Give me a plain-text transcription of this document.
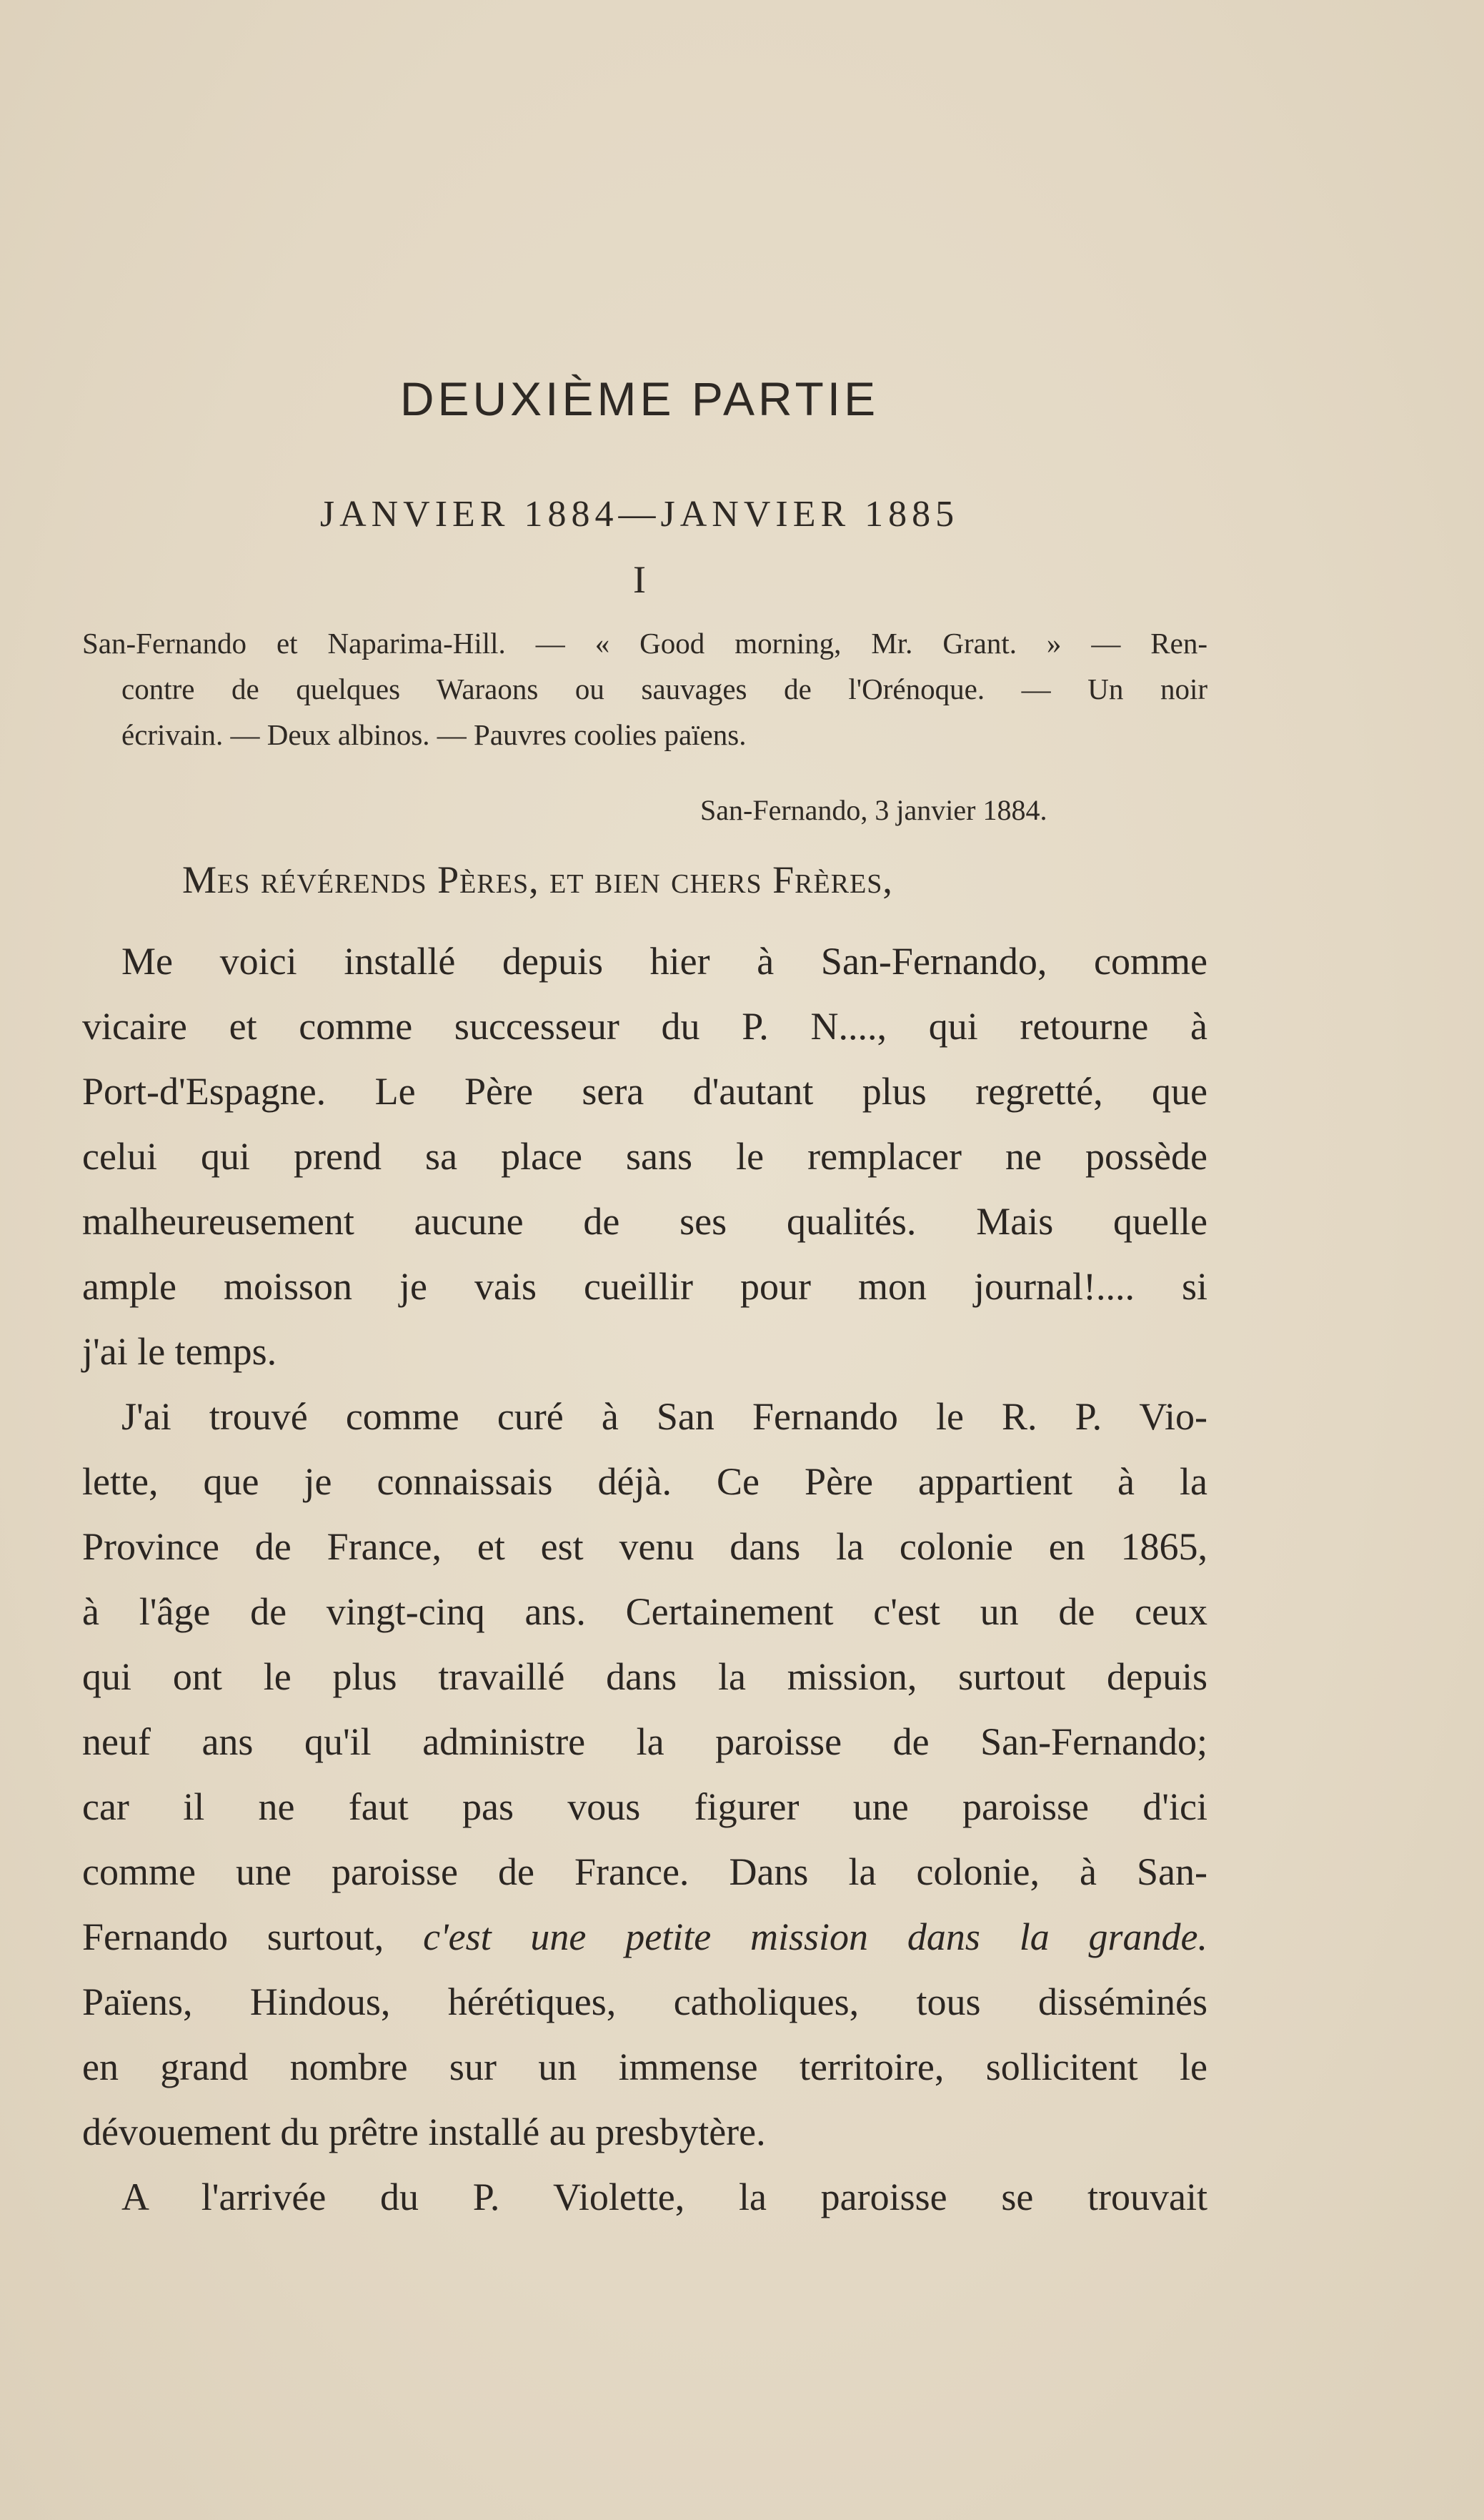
DEUXIÈME PARTIE
JANVIER 1884—JANVIER 1885
I
San-Fernando et Naparima-Hill. — « Good morning, Mr. Grant. » — Ren-
contre de quelques Waraons ou sauvages de l'Orénoque. — Un noir
écrivain. — Deux albinos. — Pauvres coolies païens.
San-Fernando, 3 janvier 1884.
Mes révérends Pères, et bien chers Frères,
Me voici installé depuis hier à San-Fernando, comme
vicaire et comme successeur du P. N...., qui retourne à
Port-d'Espagne. Le Père sera d'autant plus regretté, que
celui qui prend sa place sans le remplacer ne possède
malheureusement aucune de ses qualités. Mais quelle
ample moisson je vais cueillir pour mon journal!.... si
j'ai le temps.
J'ai trouvé comme curé à San Fernando le R. P. Vio-
lette, que je connaissais déjà. Ce Père appartient à la
Province de France, et est venu dans la colonie en 1865,
à l'âge de vingt-cinq ans. Certainement c'est un de ceux
qui ont le plus travaillé dans la mission, surtout depuis
neuf ans qu'il administre la paroisse de San-Fernando;
car il ne faut pas vous figurer une paroisse d'ici
comme une paroisse de France. Dans la colonie, à San-
Fernando surtout, c'est une petite mission dans la grande.
Païens, Hindous, hérétiques, catholiques, tous disséminés
en grand nombre sur un immense territoire, sollicitent le
dévouement du prêtre installé au presbytère.
A l'arrivée du P. Violette, la paroisse se trouvait
